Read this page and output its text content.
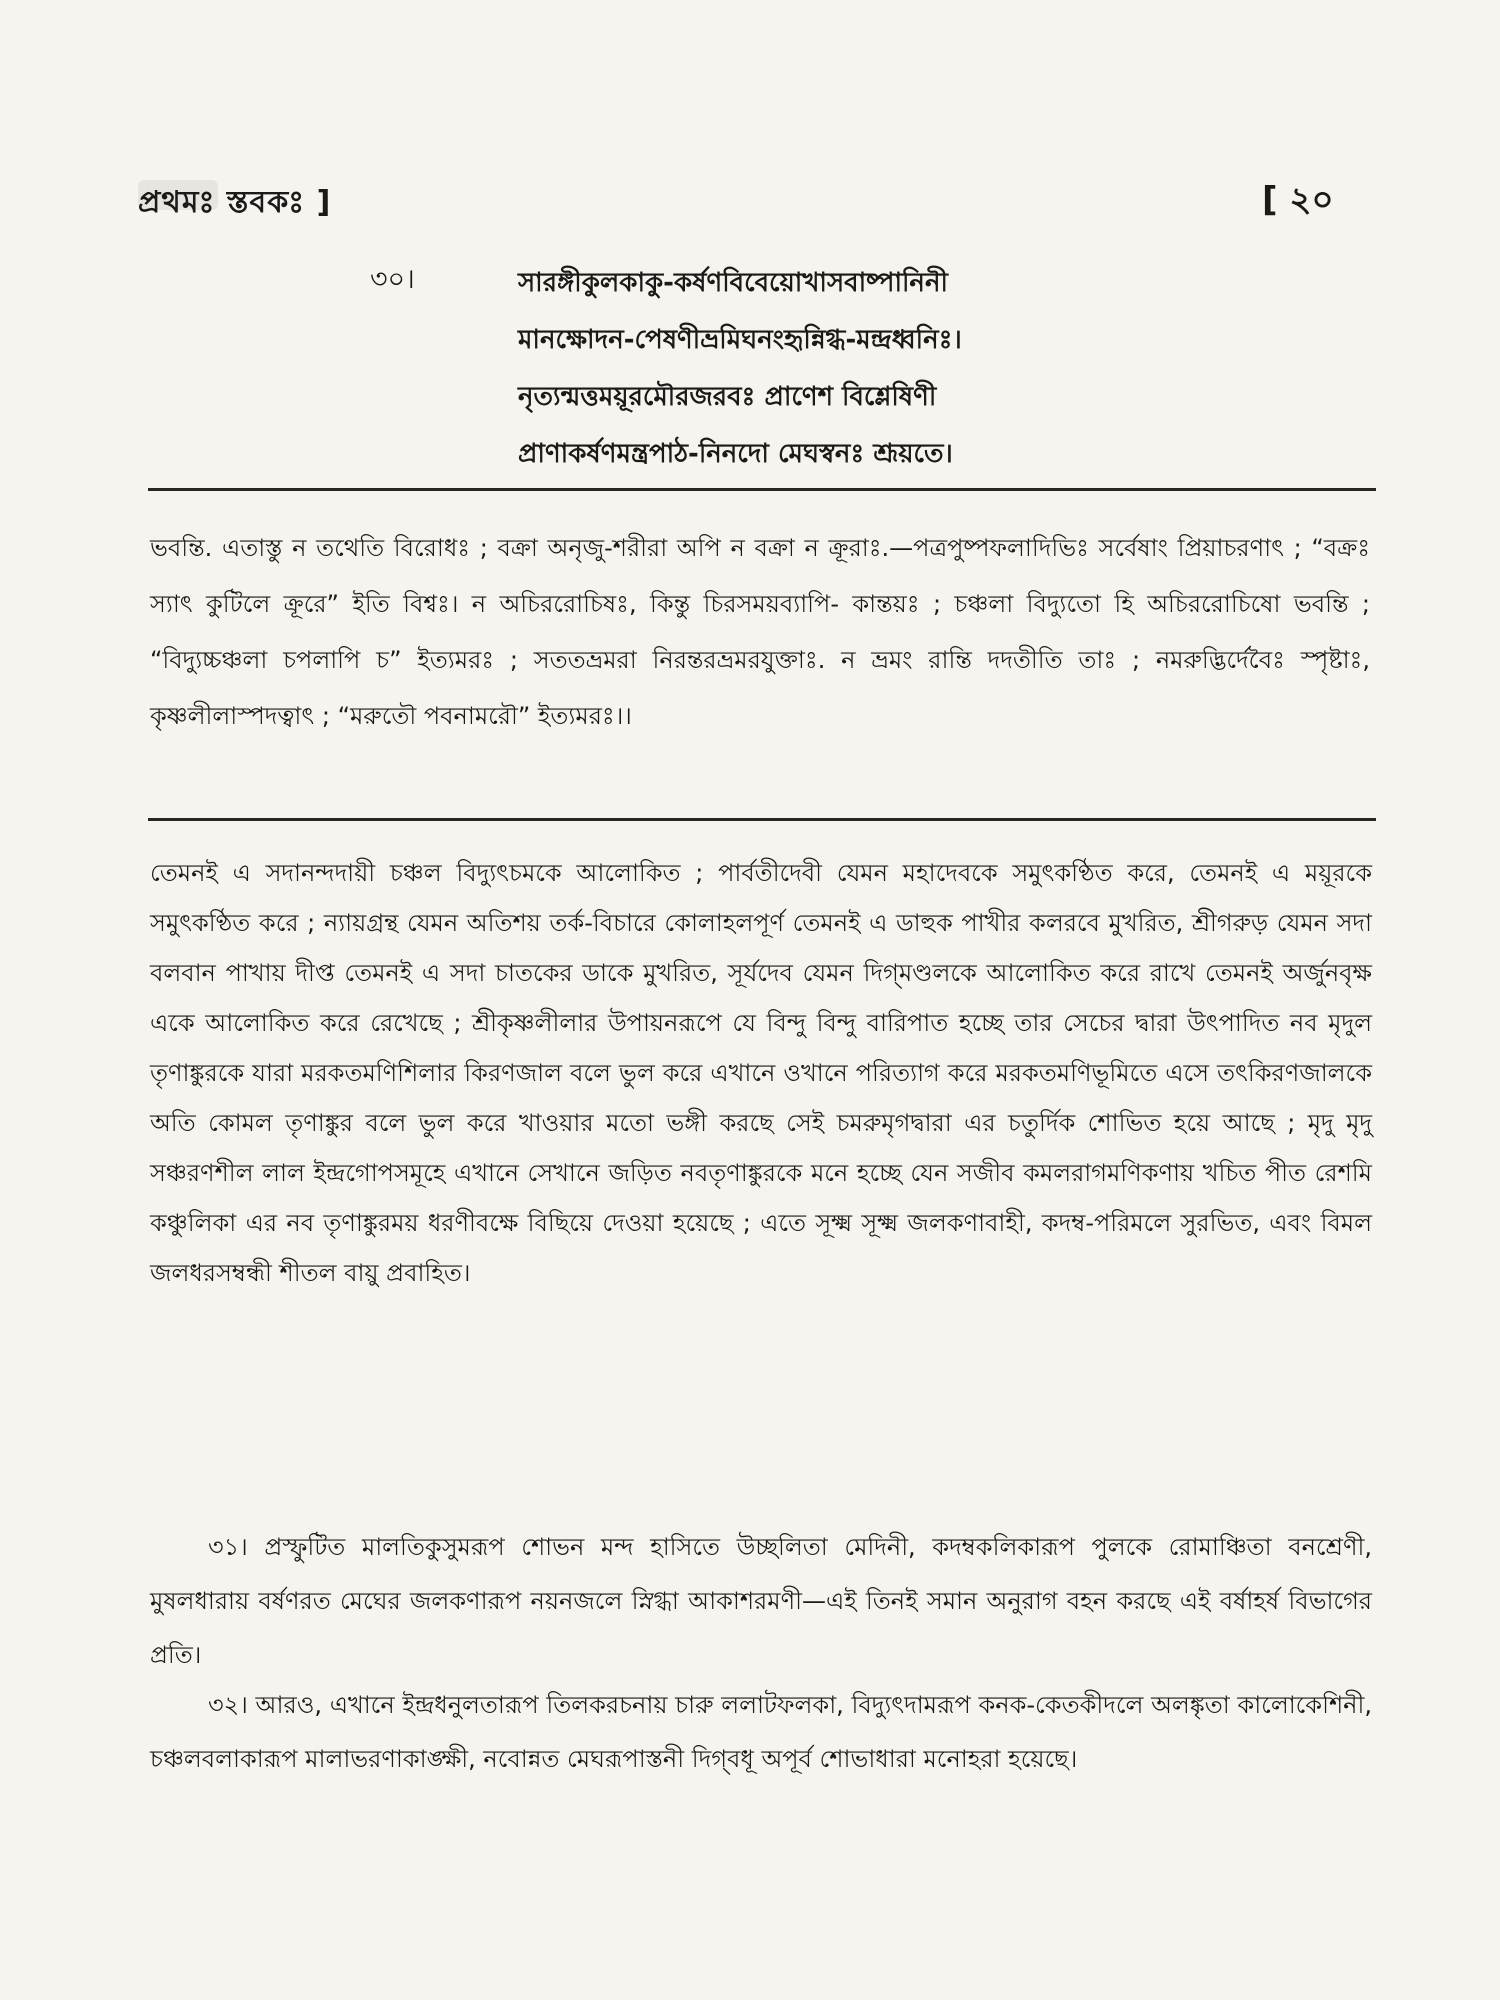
প্রথমঃ স্তবকঃ ]	[ ২০
৩০।	সারঙ্গীকুলকাকু-কর্ষণবিবেয়োখাসবাষ্পানিনী
মানক্ষোদন-পেষণীভ্রমিঘনংহৃন্নিগ্ধ-মন্দ্রধ্বনিঃ।
নৃত্যন্মত্তময়ূরমৌরজরবঃ প্রাণেশ বিশ্লেষিণী
প্রাণাকর্ষণমন্ত্রপাঠ-নিনদো মেঘস্বনঃ শ্রূয়তে।
ভবন্তি. এতাস্তু ন তথেতি বিরোধঃ ; বক্রা অনৃজু-শরীরা অপি ন বক্রা ন ক্রূরাঃ.—পত্রপুষ্পফলাদিভিঃ সর্বেষাং প্রিয়াচরণাৎ ; “বক্রঃ স্যাৎ কুটিলে ক্রূরে” ইতি বিশ্বঃ। ন অচিররোচিষঃ, কিন্তু চিরসময়ব্যাপি- কান্তয়ঃ ; চঞ্চলা বিদ্যুতো হি অচিররোচিষো ভবন্তি ; “বিদ্যুচ্চঞ্চলা চপলাপি চ” ইত্যমরঃ ; সততভ্রমরা নিরন্তরভ্রমরযুক্তাঃ. ন ভ্রমং রান্তি দদতীতি তাঃ ; নমরুদ্ভির্দেবৈঃ স্পৃষ্টাঃ, কৃষ্ণলীলাস্পদত্বাৎ ; “মরুতৌ পবনামরৌ” ইত্যমরঃ।।
তেমনই এ সদানন্দদায়ী চঞ্চল বিদ্যুৎচমকে আলোকিত ; পার্বতীদেবী যেমন মহাদেবকে সমুৎকণ্ঠিত করে, তেমনই এ ময়ূরকে সমুৎকণ্ঠিত করে ; ন্যায়গ্রন্থ যেমন অতিশয় তর্ক-বিচারে কোলাহলপূর্ণ তেমনই এ ডাহুক পাখীর কলরবে মুখরিত, শ্রীগরুড় যেমন সদা বলবান পাখায় দীপ্ত তেমনই এ সদা চাতকের ডাকে মুখরিত, সূর্যদেব যেমন দিগ্‌মণ্ডলকে আলোকিত করে রাখে তেমনই অর্জুনবৃক্ষ একে আলোকিত করে রেখেছে ; শ্রীকৃষ্ণলীলার উপায়নরূপে যে বিন্দু বিন্দু বারিপাত হচ্ছে তার সেচের দ্বারা উৎপাদিত নব মৃদুল তৃণাঙ্কুরকে যারা মরকতমণিশিলার কিরণজাল বলে ভুল করে এখানে ওখানে পরিত্যাগ করে মরকতমণিভূমিতে এসে তৎকিরণজালকে অতি কোমল তৃণাঙ্কুর বলে ভুল করে খাওয়ার মতো ভঙ্গী করছে সেই চমরুমৃগদ্বারা এর চতুর্দিক শোভিত হয়ে আছে ; মৃদু মৃদু সঞ্চরণশীল লাল ইন্দ্রগোপসমূহে এখানে সেখানে জড়িত নবতৃণাঙ্কুরকে মনে হচ্ছে যেন সজীব কমলরাগমণিকণায় খচিত পীত রেশমি কঞ্চুলিকা এর নব তৃণাঙ্কুরময় ধরণীবক্ষে বিছিয়ে দেওয়া হয়েছে ; এতে সূক্ষ্ম সূক্ষ্ম জলকণাবাহী, কদম্ব-পরিমলে সুরভিত, এবং বিমল জলধরসম্বন্ধী শীতল বায়ু প্রবাহিত।
৩১। প্রস্ফুটিত মালতিকুসুমরূপ শোভন মন্দ হাসিতে উচ্ছলিতা মেদিনী, কদম্বকলিকারূপ পুলকে রোমাঞ্চিতা বনশ্রেণী, মুষলধারায় বর্ষণরত মেঘের জলকণারূপ নয়নজলে স্নিগ্ধা আকাশরমণী—এই তিনই সমান অনুরাগ বহন করছে এই বর্ষাহর্ষ বিভাগের প্রতি।
৩২। আরও, এখানে ইন্দ্রধনুলতারূপ তিলকরচনায় চারু ললাটফলকা, বিদ্যুৎদামরূপ কনক-কেতকীদলে অলঙ্কৃতা কালোকেশিনী, চঞ্চলবলাকারূপ মালাভরণাকাঙ্ক্ষী, নবোন্নত মেঘরূপাস্তনী দিগ্‌বধূ অপূর্ব শোভাধারা মনোহরা হয়েছে।
